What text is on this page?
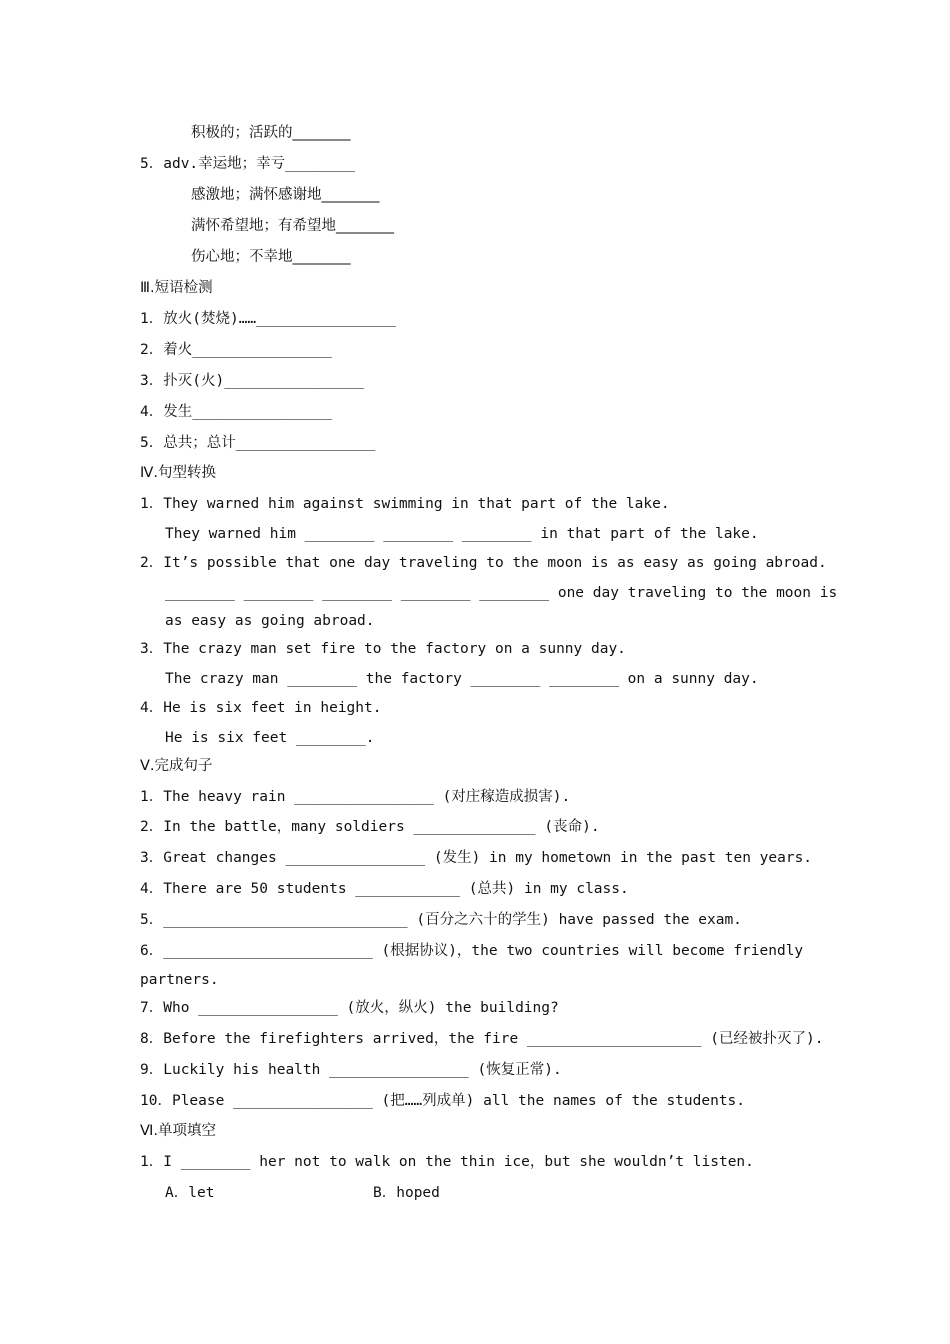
积极的；活跃的________
5．adv.幸运地；幸亏________
感激地；满怀感谢地________
满怀希望地；有希望地________
伤心地；不幸地________
Ⅲ.短语检测
1．放火(焚烧)……________________
2．着火________________
3．扑灭(火)________________
4．发生________________
5．总共；总计________________
Ⅳ.句型转换
1．They warned him against swimming in that part of the lake.
They warned him ________ ________ ________ in that part of the lake.
2．It’s possible that one day traveling to the moon is as easy as going abroad.
________ ________ ________ ________ ________ one day traveling to the moon is
as easy as going abroad.
3．The crazy man set fire to the factory on a sunny day.
The crazy man ________ the factory ________ ________ on a sunny day.
4．He is six feet in height.
He is six feet ________.
Ⅴ.完成句子
1．The heavy rain ________________ (对庄稼造成损害).
2．In the battle，many soldiers ______________ (丧命).
3．Great changes ________________ (发生) in my hometown in the past ten years.
4．There are 50 students ____________ (总共) in my class.
5．____________________________ (百分之六十的学生) have passed the exam.
6．________________________ (根据协议)，the two countries will become friendly
partners.
7．Who ________________ (放火，纵火) the building?
8．Before the firefighters arrived，the fire ____________________ (已经被扑灭了).
9．Luckily his health ________________ (恢复正常).
10．Please ________________ (把……列成单) all the names of the students.
Ⅵ.单项填空
1．I ________ her not to walk on the thin ice，but she wouldn’t listen.
A．let	B．hoped
